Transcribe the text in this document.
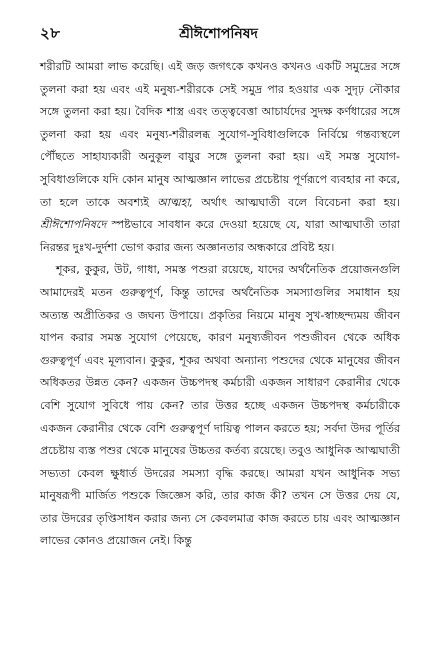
২৮	শ্রীঈশোপনিষদ

শরীরটি আমরা লাভ করেছি। এই জড় জগৎকে কখনও কখনও একটি সমুদ্রের সঙ্গে তুলনা করা হয় এবং এই মনুষ্য-শরীরকে সেই সমুদ্র পার হওয়ার এক সুদৃঢ় নৌকার সঙ্গে তুলনা করা হয়। বৈদিক শাস্ত্র এবং তত্ত্ববেত্তা আচার্যদের সুদক্ষ কর্ণধারের সঙ্গে তুলনা করা হয় এবং মনুষ্য-শরীরলব্ধ সুযোগ-সুবিধাগুলিকে নির্বিঘ্নে গন্তব্যস্থলে পৌঁছতে সাহায্যকারী অনুকূল বায়ুর সঙ্গে তুলনা করা হয়। এই সমস্ত সুযোগ-সুবিধাগুলিকে যদি কোন মানুষ আত্মজ্ঞান লাভের প্রচেষ্টায় পূর্ণরূপে ব্যবহার না করে, তা হলে তাকে অবশ্যই আত্মহা, অর্থাৎ আত্মঘাতী বলে বিবেচনা করা হয়। শ্রীঈশোপনিষদে স্পষ্টভাবে সাবধান করে দেওয়া হয়েছে যে, যারা আত্মঘাতী তারা নিরন্তর দুঃখ-দুর্দশা ভোগ করার জন্য অজ্ঞানতার অন্ধকারে প্রবিষ্ট হয়।

শূকর, কুকুর, উট, গাধা, সমস্ত পশুরা রয়েছে, যাদের অর্থনৈতিক প্রয়োজনগুলি আমাদেরই মতন গুরুত্বপূর্ণ, কিন্তু তাদের অর্থনৈতিক সমস্যাগুলির সমাধান হয় অত্যন্ত অপ্রীতিকর ও জঘন্য উপায়ে। প্রকৃতির নিয়মে মানুষ সুখ-স্বাচ্ছন্দ্যময় জীবন যাপন করার সমস্ত সুযোগ পেয়েছে, কারণ মনুষ্যজীবন পশুজীবন থেকে অধিক গুরুত্বপূর্ণ এবং মূল্যবান। কুকুর, শূকর অথবা অন্যান্য পশুদের থেকে মানুষের জীবন অধিকতর উন্নত কেন? একজন উচ্চপদস্থ কর্মচারী একজন সাধারণ কেরানীর থেকে বেশি সুযোগ সুবিধে পায় কেন? তার উত্তর হচ্ছে একজন উচ্চপদস্থ কর্মচারীকে একজন কেরানীর থেকে বেশি গুরুত্বপূর্ণ দায়িত্ব পালন করতে হয়; সর্বদা উদর পূর্তির প্রচেষ্টায় ব্যস্ত পশুর থেকে মানুষের উচ্চতর কর্তব্য রয়েছে। তবুও আধুনিক আত্মঘাতী সভ্যতা কেবল ক্ষুধার্ত উদরের সমস্যা বৃদ্ধি করছে। আমরা যখন আধুনিক সভ্য মানুষরূপী মার্জিত পশুকে জিজ্ঞেস করি, তার কাজ কী? তখন সে উত্তর দেয় যে, তার উদরের তৃপ্তিসাধন করার জন্য সে কেবলমাত্র কাজ করতে চায় এবং আত্মজ্ঞান লাভের কোনও প্রয়োজন নেই। কিন্তু
